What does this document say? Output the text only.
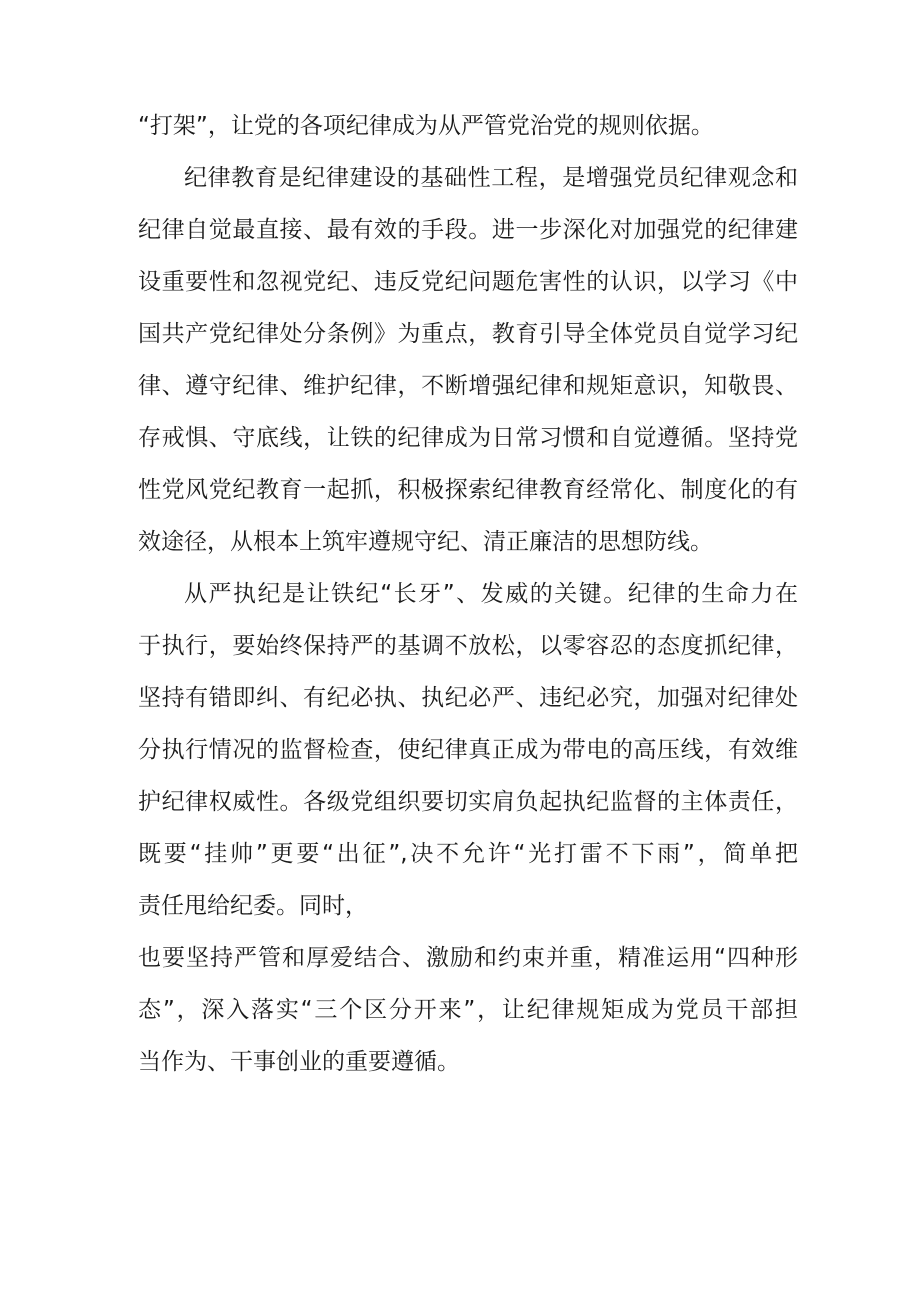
“打架”，让党的各项纪律成为从严管党治党的规则依据。
纪律教育是纪律建设的基础性工程，是增强党员纪律观念和
纪律自觉最直接、最有效的手段。进一步深化对加强党的纪律建
设重要性和忽视党纪、违反党纪问题危害性的认识，以学习《中
国共产党纪律处分条例》为重点，教育引导全体党员自觉学习纪
律、遵守纪律、维护纪律，不断增强纪律和规矩意识，知敬畏、
存戒惧、守底线，让铁的纪律成为日常习惯和自觉遵循。坚持党
性党风党纪教育一起抓，积极探索纪律教育经常化、制度化的有
效途径，从根本上筑牢遵规守纪、清正廉洁的思想防线。
从严执纪是让铁纪“长牙”、发威的关键。纪律的生命力在
于执行，要始终保持严的基调不放松，以零容忍的态度抓纪律，
坚持有错即纠、有纪必执、执纪必严、违纪必究，加强对纪律处
分执行情况的监督检查，使纪律真正成为带电的高压线，有效维
护纪律权威性。各级党组织要切实肩负起执纪监督的主体责任，
既要“挂帅”更要“出征”,决不允许“光打雷不下雨”，简单把
责任甩给纪委。同时，
也要坚持严管和厚爱结合、激励和约束并重，精准运用“四种形
态”，深入落实“三个区分开来”，让纪律规矩成为党员干部担
当作为、干事创业的重要遵循。
